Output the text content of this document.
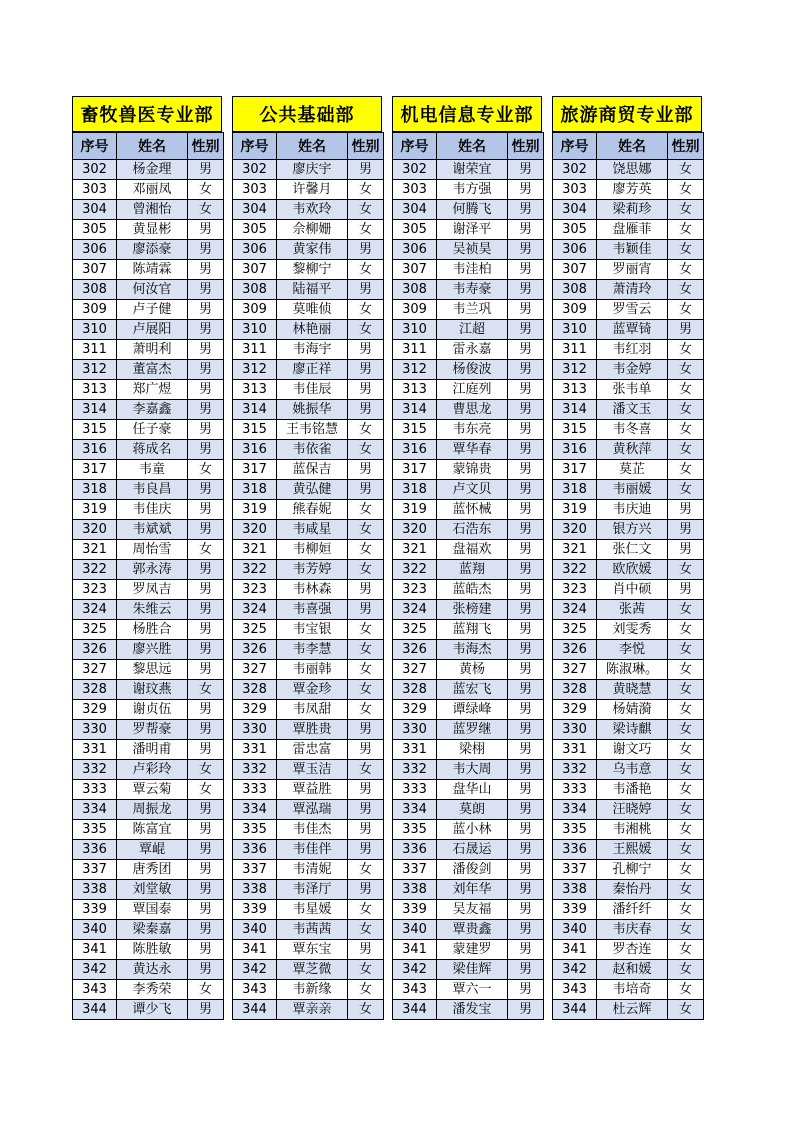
畜牧兽医专业部
序号	姓名	性别
302	杨金理	男
303	邓丽凤	女
304	曾湘怡	女
305	黄显彬	男
306	廖添豪	男
307	陈靖霖	男
308	何汝官	男
309	卢子健	男
310	卢展阳	男
311	萧明利	男
312	董富杰	男
313	郑广煜	男
314	李嘉鑫	男
315	任子豪	男
316	蒋成名	男
317	韦童	女
318	韦良昌	男
319	韦佳庆	男
320	韦斌斌	男
321	周怡雪	女
322	郭永涛	男
323	罗凤吉	男
324	朱维云	男
325	杨胜合	男
326	廖兴胜	男
327	黎思远	男
328	谢玟燕	女
329	谢贞伍	男
330	罗帮豪	男
331	潘明甫	男
332	卢彩玲	女
333	覃云菊	女
334	周振龙	男
335	陈富宜	男
336	覃崐	男
337	唐秀团	男
338	刘堂敏	男
339	覃国泰	男
340	梁秦嘉	男
341	陈胜敏	男
342	黄达永	男
343	李秀荣	女
344	谭少飞	男
公共基础部
序号	姓名	性别
302	廖庆宇	男
303	许馨月	女
304	韦欢玲	女
305	佘柳姗	女
306	黄家伟	男
307	黎柳宁	女
308	陆福平	男
309	莫唯侦	女
310	林艳丽	女
311	韦海宇	男
312	廖正祥	男
313	韦佳辰	男
314	姚振华	男
315	王韦铭慧	女
316	韦依雀	女
317	蓝保吉	男
318	黄弘健	男
319	熊春妮	女
320	韦咸星	女
321	韦柳姮	女
322	韦芳婷	女
323	韦林森	男
324	韦喜强	男
325	韦宝银	女
326	韦李慧	女
327	韦丽韩	女
328	覃金珍	女
329	韦凤甜	女
330	覃胜贵	男
331	雷忠富	男
332	覃玉洁	女
333	覃益胜	男
334	覃泓瑞	男
335	韦佳杰	男
336	韦佳伴	男
337	韦清妮	女
338	韦泽厅	男
339	韦星媛	女
340	韦茜茜	女
341	覃东宝	男
342	覃芝微	女
343	韦新缘	女
344	覃亲亲	女
机电信息专业部
序号	姓名	性别
302	谢荣宜	男
303	韦方强	男
304	何腾飞	男
305	谢泽平	男
306	吴祯昊	男
307	韦洼柏	男
308	韦寿豪	男
309	韦兰巩	男
310	江超	男
311	雷永嘉	男
312	杨俊波	男
313	江庭列	男
314	曹思龙	男
315	韦东亮	男
316	覃华春	男
317	蒙锦贵	男
318	卢文贝	男
319	蓝怀械	男
320	石浩东	男
321	盘福欢	男
322	蓝翔	男
323	蓝皓杰	男
324	张榜建	男
325	蓝翔飞	男
326	韦海杰	男
327	黄杨	男
328	蓝宏飞	男
329	谭绿峰	男
330	蓝罗继	男
331	梁栩	男
332	韦大周	男
333	盘华山	男
334	莫朗	男
335	蓝小林	男
336	石晟运	男
337	潘俊剑	男
338	刘年华	男
339	吴友福	男
340	覃贵鑫	男
341	蒙建罗	男
342	梁佳辉	男
343	覃六一	男
344	潘发宝	男
旅游商贸专业部
序号	姓名	性别
302	饶思娜	女
303	廖芳英	女
304	梁莉珍	女
305	盘雁菲	女
306	韦颖佳	女
307	罗丽宵	女
308	萧清玲	女
309	罗雪云	女
310	蓝覃锜	男
311	韦红羽	女
312	韦金婷	女
313	张韦单	女
314	潘文玉	女
315	韦冬喜	女
316	黄秋萍	女
317	莫芷	女
318	韦丽媛	女
319	韦庆迪	男
320	银方兴	男
321	张仁文	男
322	欧欣媛	女
323	肖中硕	男
324	张茜	女
325	刘雯秀	女
326	李悦	女
327	陈淑琳。	女
328	黄晓慧	女
329	杨婧漪	女
330	梁诗麒	女
331	谢文巧	女
332	乌韦意	女
333	韦潘艳	女
334	汪晓婷	女
335	韦湘桃	女
336	王熙媛	女
337	孔柳宁	女
338	秦怡丹	女
339	潘纤纤	女
340	韦庆春	女
341	罗杏连	女
342	赵和媛	女
343	韦培奇	女
344	杜云辉	女
